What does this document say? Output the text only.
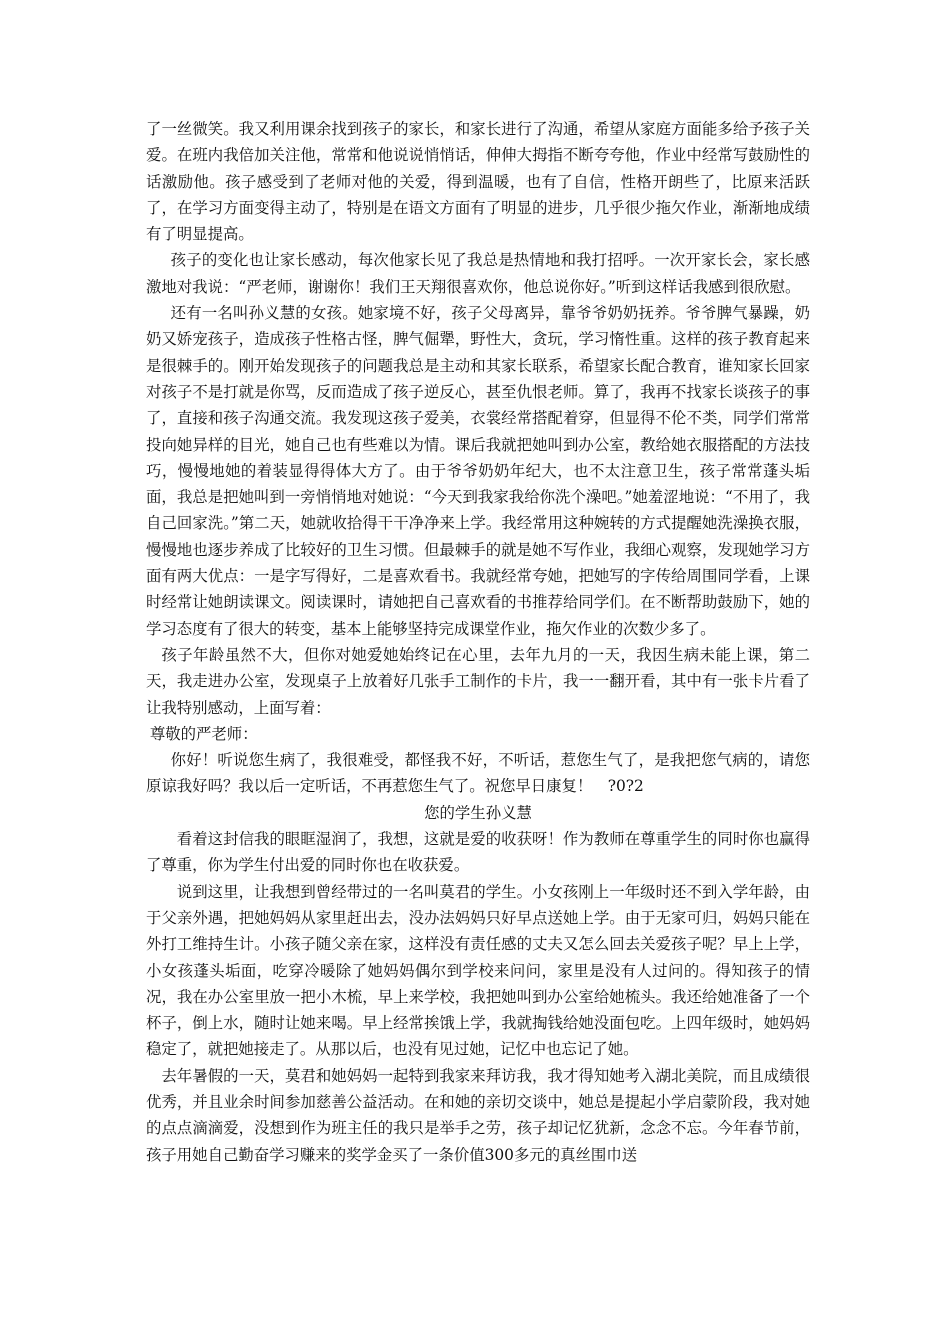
了一丝微笑。我又利用课余找到孩子的家长，和家长进行了沟通，希望从家庭方面能多给予孩子关爱。在班内我倍加关注他，常常和他说说悄悄话，伸伸大拇指不断夸夸他，作业中经常写鼓励性的话激励他。孩子感受到了老师对他的关爱，得到温暖，也有了自信，性格开朗些了，比原来活跃了，在学习方面变得主动了，特别是在语文方面有了明显的进步，几乎很少拖欠作业，渐渐地成绩有了明显提高。

孩子的变化也让家长感动，每次他家长见了我总是热情地和我打招呼。一次开家长会，家长感激地对我说：“严老师，谢谢你！我们王天翔很喜欢你，他总说你好。”听到这样话我感到很欣慰。

还有一名叫孙义慧的女孩。她家境不好，孩子父母离异，靠爷爷奶奶抚养。爷爷脾气暴躁，奶奶又娇宠孩子，造成孩子性格古怪，脾气倔犟，野性大，贪玩，学习惰性重。这样的孩子教育起来是很棘手的。刚开始发现孩子的问题我总是主动和其家长联系，希望家长配合教育，谁知家长回家对孩子不是打就是你骂，反而造成了孩子逆反心，甚至仇恨老师。算了，我再不找家长谈孩子的事了，直接和孩子沟通交流。我发现这孩子爱美，衣裳经常搭配着穿，但显得不伦不类，同学们常常投向她异样的目光，她自己也有些难以为情。课后我就把她叫到办公室，教给她衣服搭配的方法技巧，慢慢地她的着装显得得体大方了。由于爷爷奶奶年纪大，也不太注意卫生，孩子常常蓬头垢面，我总是把她叫到一旁悄悄地对她说：“今天到我家我给你洗个澡吧。”她羞涩地说：“不用了，我自己回家洗。”第二天，她就收拾得干干净净来上学。我经常用这种婉转的方式提醒她洗澡换衣服，慢慢地也逐步养成了比较好的卫生习惯。但最棘手的就是她不写作业，我细心观察，发现她学习方面有两大优点：一是字写得好，二是喜欢看书。我就经常夸她，把她写的字传给周围同学看，上课时经常让她朗读课文。阅读课时，请她把自己喜欢看的书推荐给同学们。在不断帮助鼓励下，她的学习态度有了很大的转变，基本上能够坚持完成课堂作业，拖欠作业的次数少多了。

孩子年龄虽然不大，但你对她爱她始终记在心里，去年九月的一天，我因生病未能上课，第二天，我走进办公室，发现桌子上放着好几张手工制作的卡片，我一一翻开看，其中有一张卡片看了让我特别感动，上面写着：

尊敬的严老师：

你好！听说您生病了，我很难受，都怪我不好，不听话，惹您生气了，是我把您气病的，请您原谅我好吗？我以后一定听话，不再惹您生气了。祝您早日康复！　?0?2

您的学生孙义慧

看着这封信我的眼眶湿润了，我想，这就是爱的收获呀！作为教师在尊重学生的同时你也赢得了尊重，你为学生付出爱的同时你也在收获爱。

说到这里，让我想到曾经带过的一名叫莫君的学生。小女孩刚上一年级时还不到入学年龄，由于父亲外遇，把她妈妈从家里赶出去，没办法妈妈只好早点送她上学。由于无家可归，妈妈只能在外打工维持生计。小孩子随父亲在家，这样没有责任感的丈夫又怎么回去关爱孩子呢？早上上学，小女孩蓬头垢面，吃穿冷暖除了她妈妈偶尔到学校来问问，家里是没有人过问的。得知孩子的情况，我在办公室里放一把小木梳，早上来学校，我把她叫到办公室给她梳头。我还给她准备了一个杯子，倒上水，随时让她来喝。早上经常挨饿上学，我就掏钱给她没面包吃。上四年级时，她妈妈稳定了，就把她接走了。从那以后，也没有见过她，记忆中也忘记了她。

去年暑假的一天，莫君和她妈妈一起特到我家来拜访我，我才得知她考入湖北美院，而且成绩很优秀，并且业余时间参加慈善公益活动。在和她的亲切交谈中，她总是提起小学启蒙阶段，我对她的点点滴滴爱，没想到作为班主任的我只是举手之劳，孩子却记忆犹新，念念不忘。今年春节前，孩子用她自己勤奋学习赚来的奖学金买了一条价值300多元的真丝围巾送
